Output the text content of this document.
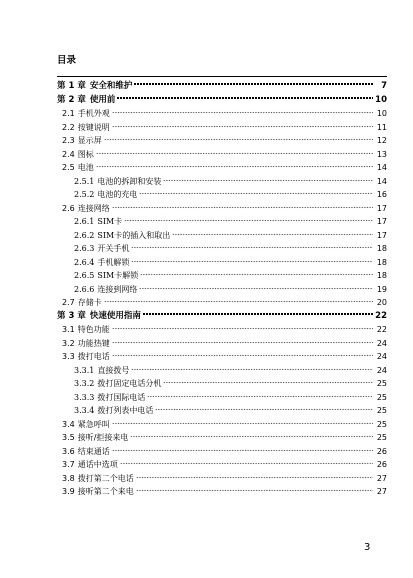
目录
第 1 章 安全和维护	7
第 2 章 使用前	10
2.1 手机外观	10
2.2 按键说明	11
2.3 显示屏	12
2.4 图标	13
2.5 电池	14
2.5.1 电池的拆卸和安装	14
2.5.2 电池的充电	16
2.6 连接网络	17
2.6.1 SIM卡	17
2.6.2 SIM卡的插入和取出	17
2.6.3 开关手机	18
2.6.4 手机解锁	18
2.6.5 SIM卡解锁	18
2.6.6 连接到网络	19
2.7 存储卡	20
第 3 章 快速使用指南	22
3.1 特色功能	22
3.2 功能热键	24
3.3 拨打电话	24
3.3.1 直接拨号	24
3.3.2 拨打固定电话分机	25
3.3.3 拨打国际电话	25
3.3.4 拨打列表中电话	25
3.4 紧急呼叫	25
3.5 接听/拒接来电	25
3.6 结束通话	26
3.7 通话中选项	26
3.8 拨打第二个电话	27
3.9 接听第二个来电	27
3
